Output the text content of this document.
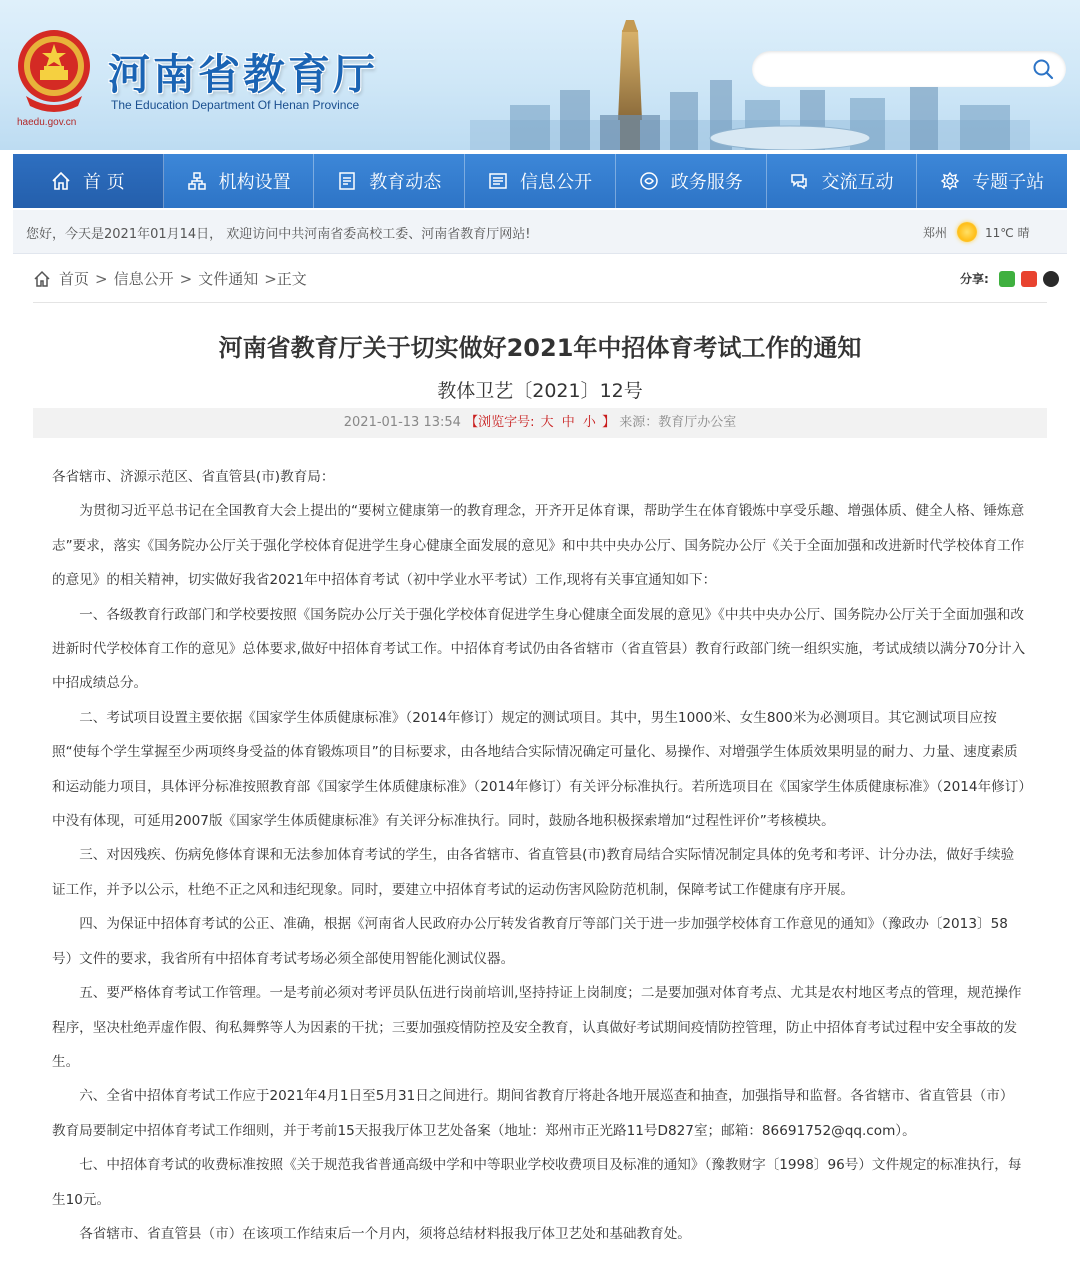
haedu.gov.cn
河南省教育厅
The Education Department Of Henan Province
首 页	机构设置	教育动态	信息公开	政务服务	交流互动	专题子站
您好，今天是2021年01月14日， 欢迎访问中共河南省委高校工委、河南省教育厅网站!	郑州	11℃ 晴
首页 > 信息公开 > 文件通知 > 正文	分享:
河南省教育厅关于切实做好2021年中招体育考试工作的通知
教体卫艺〔2021〕12号
2021-01-13 13:54 【浏览字号: 大 中 小 】 来源：教育厅办公室

各省辖市、济源示范区、省直管县(市)教育局：

为贯彻习近平总书记在全国教育大会上提出的“要树立健康第一的教育理念，开齐开足体育课，帮助学生在体育锻炼中享受乐趣、增强体质、健全人格、锤炼意志”要求，落实《国务院办公厅关于强化学校体育促进学生身心健康全面发展的意见》和中共中央办公厅、国务院办公厅《关于全面加强和改进新时代学校体育工作的意见》的相关精神，切实做好我省2021年中招体育考试（初中学业水平考试）工作,现将有关事宜通知如下：

一、各级教育行政部门和学校要按照《国务院办公厅关于强化学校体育促进学生身心健康全面发展的意见》《中共中央办公厅、国务院办公厅关于全面加强和改进新时代学校体育工作的意见》总体要求,做好中招体育考试工作。中招体育考试仍由各省辖市（省直管县）教育行政部门统一组织实施，考试成绩以满分70分计入中招成绩总分。

二、考试项目设置主要依据《国家学生体质健康标准》（2014年修订）规定的测试项目。其中，男生1000米、女生800米为必测项目。其它测试项目应按照“使每个学生掌握至少两项终身受益的体育锻炼项目”的目标要求，由各地结合实际情况确定可量化、易操作、对增强学生体质效果明显的耐力、力量、速度素质和运动能力项目，具体评分标准按照教育部《国家学生体质健康标准》（2014年修订）有关评分标准执行。若所选项目在《国家学生体质健康标准》（2014年修订）中没有体现，可延用2007版《国家学生体质健康标准》有关评分标准执行。同时，鼓励各地积极探索增加“过程性评价”考核模块。

三、对因残疾、伤病免修体育课和无法参加体育考试的学生，由各省辖市、省直管县(市)教育局结合实际情况制定具体的免考和考评、计分办法，做好手续验证工作，并予以公示，杜绝不正之风和违纪现象。同时，要建立中招体育考试的运动伤害风险防范机制，保障考试工作健康有序开展。

四、为保证中招体育考试的公正、准确，根据《河南省人民政府办公厅转发省教育厅等部门关于进一步加强学校体育工作意见的通知》（豫政办〔2013〕58号）文件的要求，我省所有中招体育考试考场必须全部使用智能化测试仪器。

五、要严格体育考试工作管理。一是考前必须对考评员队伍进行岗前培训,坚持持证上岗制度；二是要加强对体育考点、尤其是农村地区考点的管理，规范操作程序，坚决杜绝弄虚作假、徇私舞弊等人为因素的干扰；三要加强疫情防控及安全教育，认真做好考试期间疫情防控管理，防止中招体育考试过程中安全事故的发生。

六、全省中招体育考试工作应于2021年4月1日至5月31日之间进行。期间省教育厅将赴各地开展巡查和抽查，加强指导和监督。各省辖市、省直管县（市）教育局要制定中招体育考试工作细则，并于考前15天报我厅体卫艺处备案（地址：郑州市正光路11号D827室；邮箱：86691752@qq.com）。

七、中招体育考试的收费标准按照《关于规范我省普通高级中学和中等职业学校收费项目及标准的通知》（豫教财字〔1998〕96号）文件规定的标准执行，每生10元。

各省辖市、省直管县（市）在该项工作结束后一个月内，须将总结材料报我厅体卫艺处和基础教育处。
